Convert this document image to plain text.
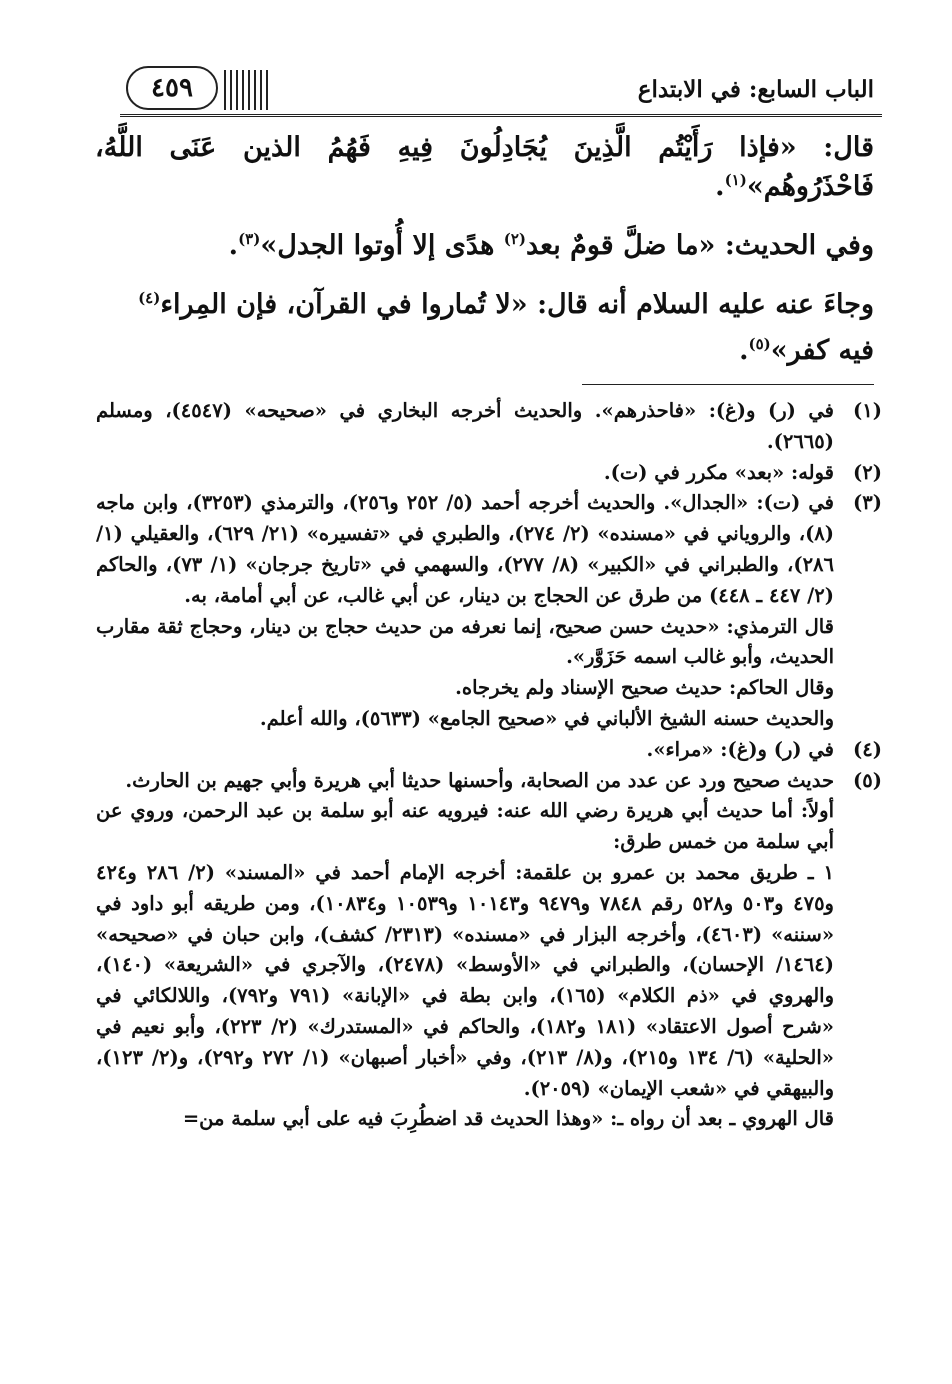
الباب السابع: في الابتداع
٤٥٩

قال: «فإذا رَأَيْتُم الَّذِينَ يُجَادِلُونَ فِيهِ فَهُمُ الذين عَنَى اللَّهُ، فَاحْذَرُوهُم»$^{(١)}$.

وفي الحديث: «ما ضلَّ قومٌ بعد$^{(٢)}$ هدًى إلا أُوتوا الجدل»$^{(٣)}$.

وجاءَ عنه عليه السلام أنه قال: «لا تُماروا في القرآن، فإن المِراء$^{(٤)}$
فيه كفر»$^{(٥)}$.

(١)
في (ر) و(غ): «فاحذرهم». والحديث أخرجه البخاري في «صحيحه» (٤٥٤٧)، ومسلم (٢٦٦٥).
(٢)
قوله: «بعد» مكرر في (ت).
(٣)
في (ت): «الجدال». والحديث أخرجه أحمد (٥/ ٢٥٢ و٢٥٦)، والترمذي (٣٢٥٣)، وابن ماجه (٨)، والروياني في «مسنده» (٢/ ٢٧٤)، والطبري في «تفسيره» (٢١/ ٦٢٩)، والعقيلي (١/ ٢٨٦)، والطبراني في «الكبير» (٨/ ٢٧٧)، والسهمي في «تاريخ جرجان» (١/ ٧٣)، والحاكم (٢/ ٤٤٧ ـ ٤٤٨) من طرق عن الحجاج بن دينار، عن أبي غالب، عن أبي أمامة، به.
قال الترمذي: «حديث حسن صحيح، إنما نعرفه من حديث حجاج بن دينار، وحجاج ثقة مقارب الحديث، وأبو غالب اسمه حَزَوَّر».
وقال الحاكم: حديث صحيح الإسناد ولم يخرجاه.
والحديث حسنه الشيخ الألباني في «صحيح الجامع» (٥٦٣٣)، والله أعلم.
(٤)
في (ر) و(غ): «مراء».
(٥)
حديث صحيح ورد عن عدد من الصحابة، وأحسنها حديثا أبي هريرة وأبي جهيم بن الحارث.
أولاً: أما حديث أبي هريرة رضي الله عنه: فيرويه عنه أبو سلمة بن عبد الرحمن، وروي عن أبي سلمة من خمس طرق:
١ ـ طريق محمد بن عمرو بن علقمة: أخرجه الإمام أحمد في «المسند» (٢/ ٢٨٦ و٤٢٤ و٤٧٥ و٥٠٣ و٥٢٨ رقم ٧٨٤٨ و٩٤٧٩ و١٠١٤٣ و١٠٥٣٩ و١٠٨٣٤)، ومن طريقه أبو داود في «سننه» (٤٦٠٣)، وأخرجه البزار في «مسنده» (٢٣١٣/ كشف)، وابن حبان في «صحيحه» (١٤٦٤/ الإحسان)، والطبراني في «الأوسط» (٢٤٧٨)، والآجري في «الشريعة» (١٤٠)، والهروي في «ذم الكلام» (١٦٥)، وابن بطة في «الإبانة» (٧٩١ و٧٩٢)، واللالكائي في «شرح أصول الاعتقاد» (١٨١ و١٨٢)، والحاكم في «المستدرك» (٢/ ٢٢٣)، وأبو نعيم في «الحلية» (٦/ ١٣٤ و٢١٥)، و(٨/ ٢١٣)، وفي «أخبار أصبهان» (١/ ٢٧٢ و٢٩٢)، و(٢/ ١٢٣)، والبيهقي في «شعب الإيمان» (٢٠٥٩).
قال الهروي ـ بعد أن رواه ـ: «وهذا الحديث قد اضطُرِبَ فيه على أبي سلمة من=
